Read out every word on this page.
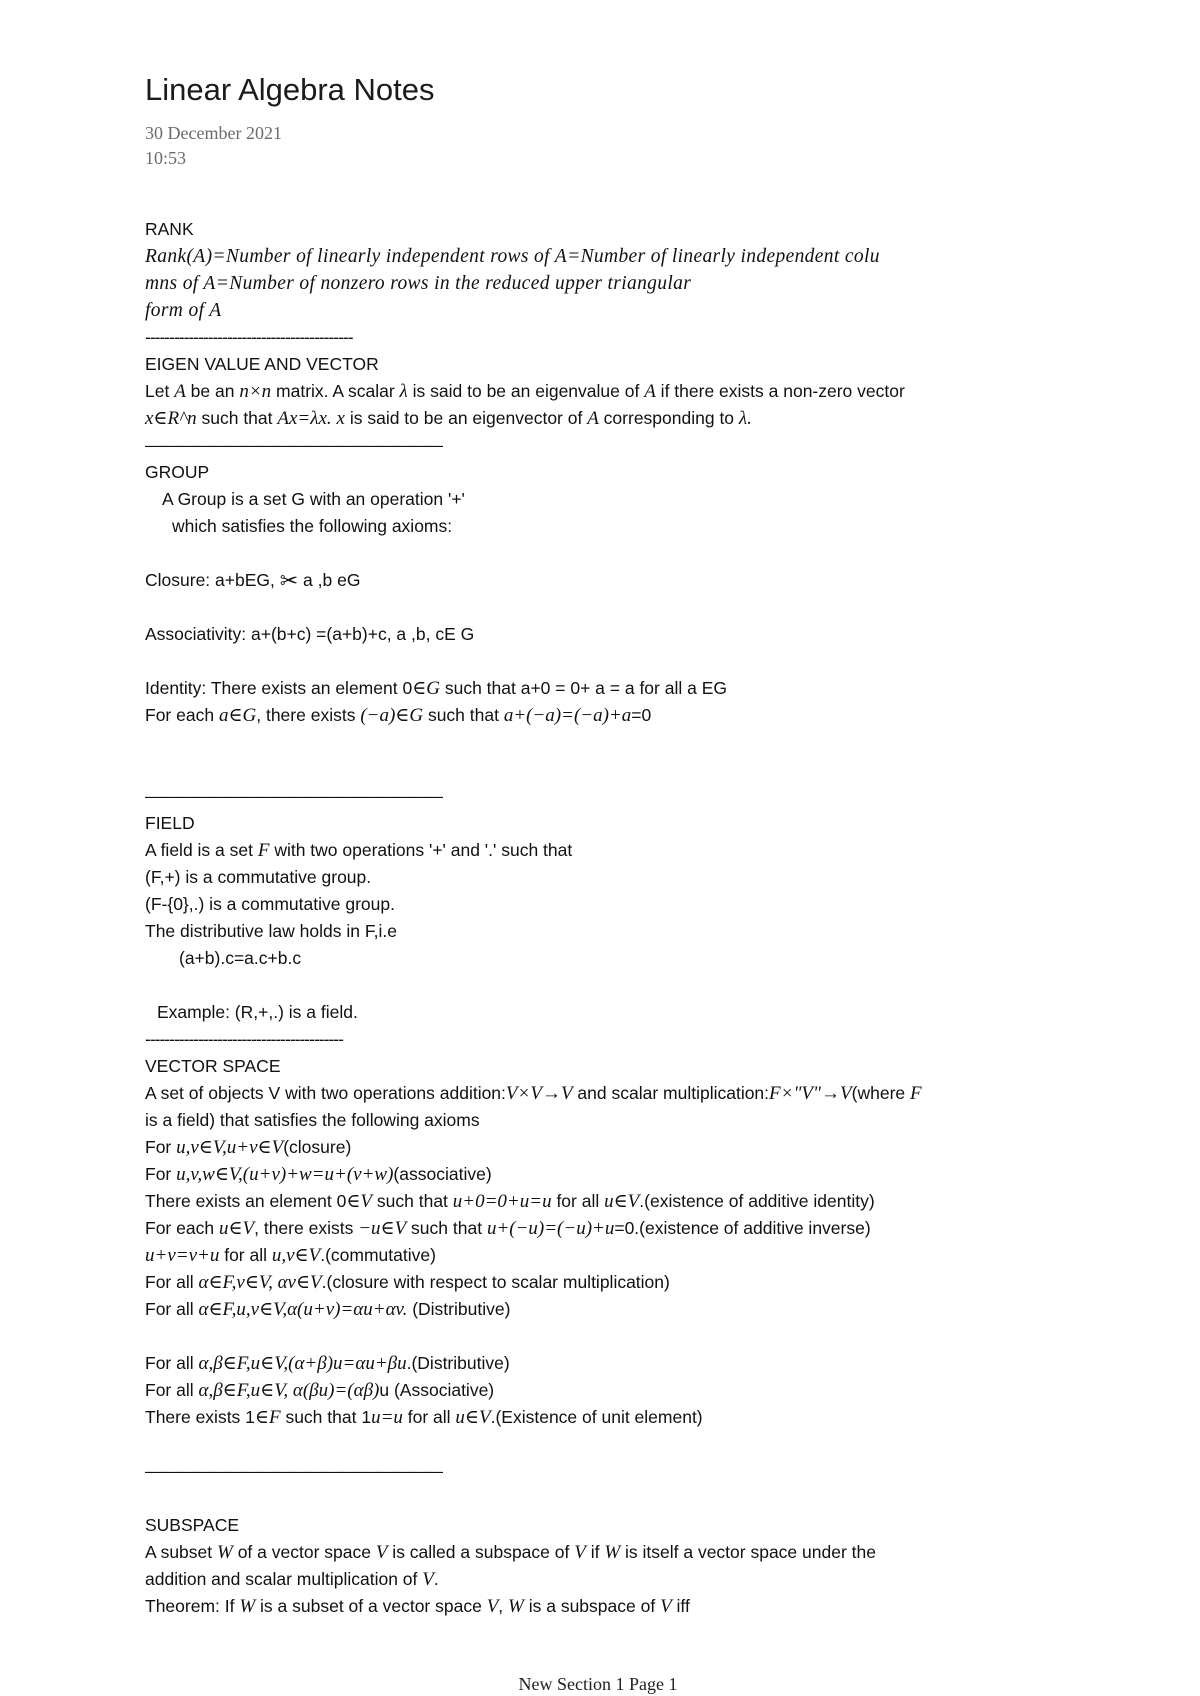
Linear Algebra Notes
30 December 2021
10:53
RANK
Rank(A)=Number of linearly independent rows of A=Number of linearly independent colu
mns of A=Number of nonzero rows in the reduced upper triangular
form of A
-------------------------------------------
EIGEN VALUE AND VECTOR
Let A be an n×n matrix. A scalar λ is said to be an eigenvalue of A if there exists a non-zero vector
x∈R^n such that Ax=λx. x is said to be an eigenvector of A corresponding to λ.
——————————————————
GROUP
A Group is a set G with an operation '+'
which satisfies the following axioms:
Closure: a+bEG, ✂ a ,b eG
Associativity: a+(b+c) =(a+b)+c, a ,b, cE G
Identity: There exists an element 0∈G such that a+0 = 0+ a = a for all a EG
For each a∈G, there exists (−a)∈G such that a+(−a)=(−a)+a=0
——————————————————
FIELD
A field is a set F with two operations '+' and '.' such that
(F,+) is a commutative group.
(F-{0},.) is a commutative group.
The distributive law holds in F,i.e
(a+b).c=a.c+b.c
Example: (R,+,.) is a field.
-----------------------------------------
VECTOR SPACE
A set of objects V with two operations addition:V×V→V and scalar multiplication:F×"V"→V(where F
is a field) that satisfies the following axioms
For u,v∈V,u+v∈V(closure)
For u,v,w∈V,(u+v)+w=u+(v+w)(associative)
There exists an element 0∈V such that u+0=0+u=u for all u∈V.(existence of additive identity)
For each u∈V, there exists −u∈V such that u+(−u)=(−u)+u=0.(existence of additive inverse)
u+v=v+u for all u,v∈V.(commutative)
For all α∈F,v∈V, αv∈V.(closure with respect to scalar multiplication)
For all α∈F,u,v∈V,α(u+v)=αu+αv. (Distributive)
For all α,β∈F,u∈V,(α+β)u=αu+βu.(Distributive)
For all α,β∈F,u∈V, α(βu)=(αβ)u (Associative)
There exists 1∈F such that 1u=u for all u∈V.(Existence of unit element)
——————————————————
SUBSPACE
A subset W of a vector space V is called a subspace of V if W is itself a vector space under the
addition and scalar multiplication of V.
Theorem: If W is a subset of a vector space V, W is a subspace of V iff
New Section 1 Page 1
